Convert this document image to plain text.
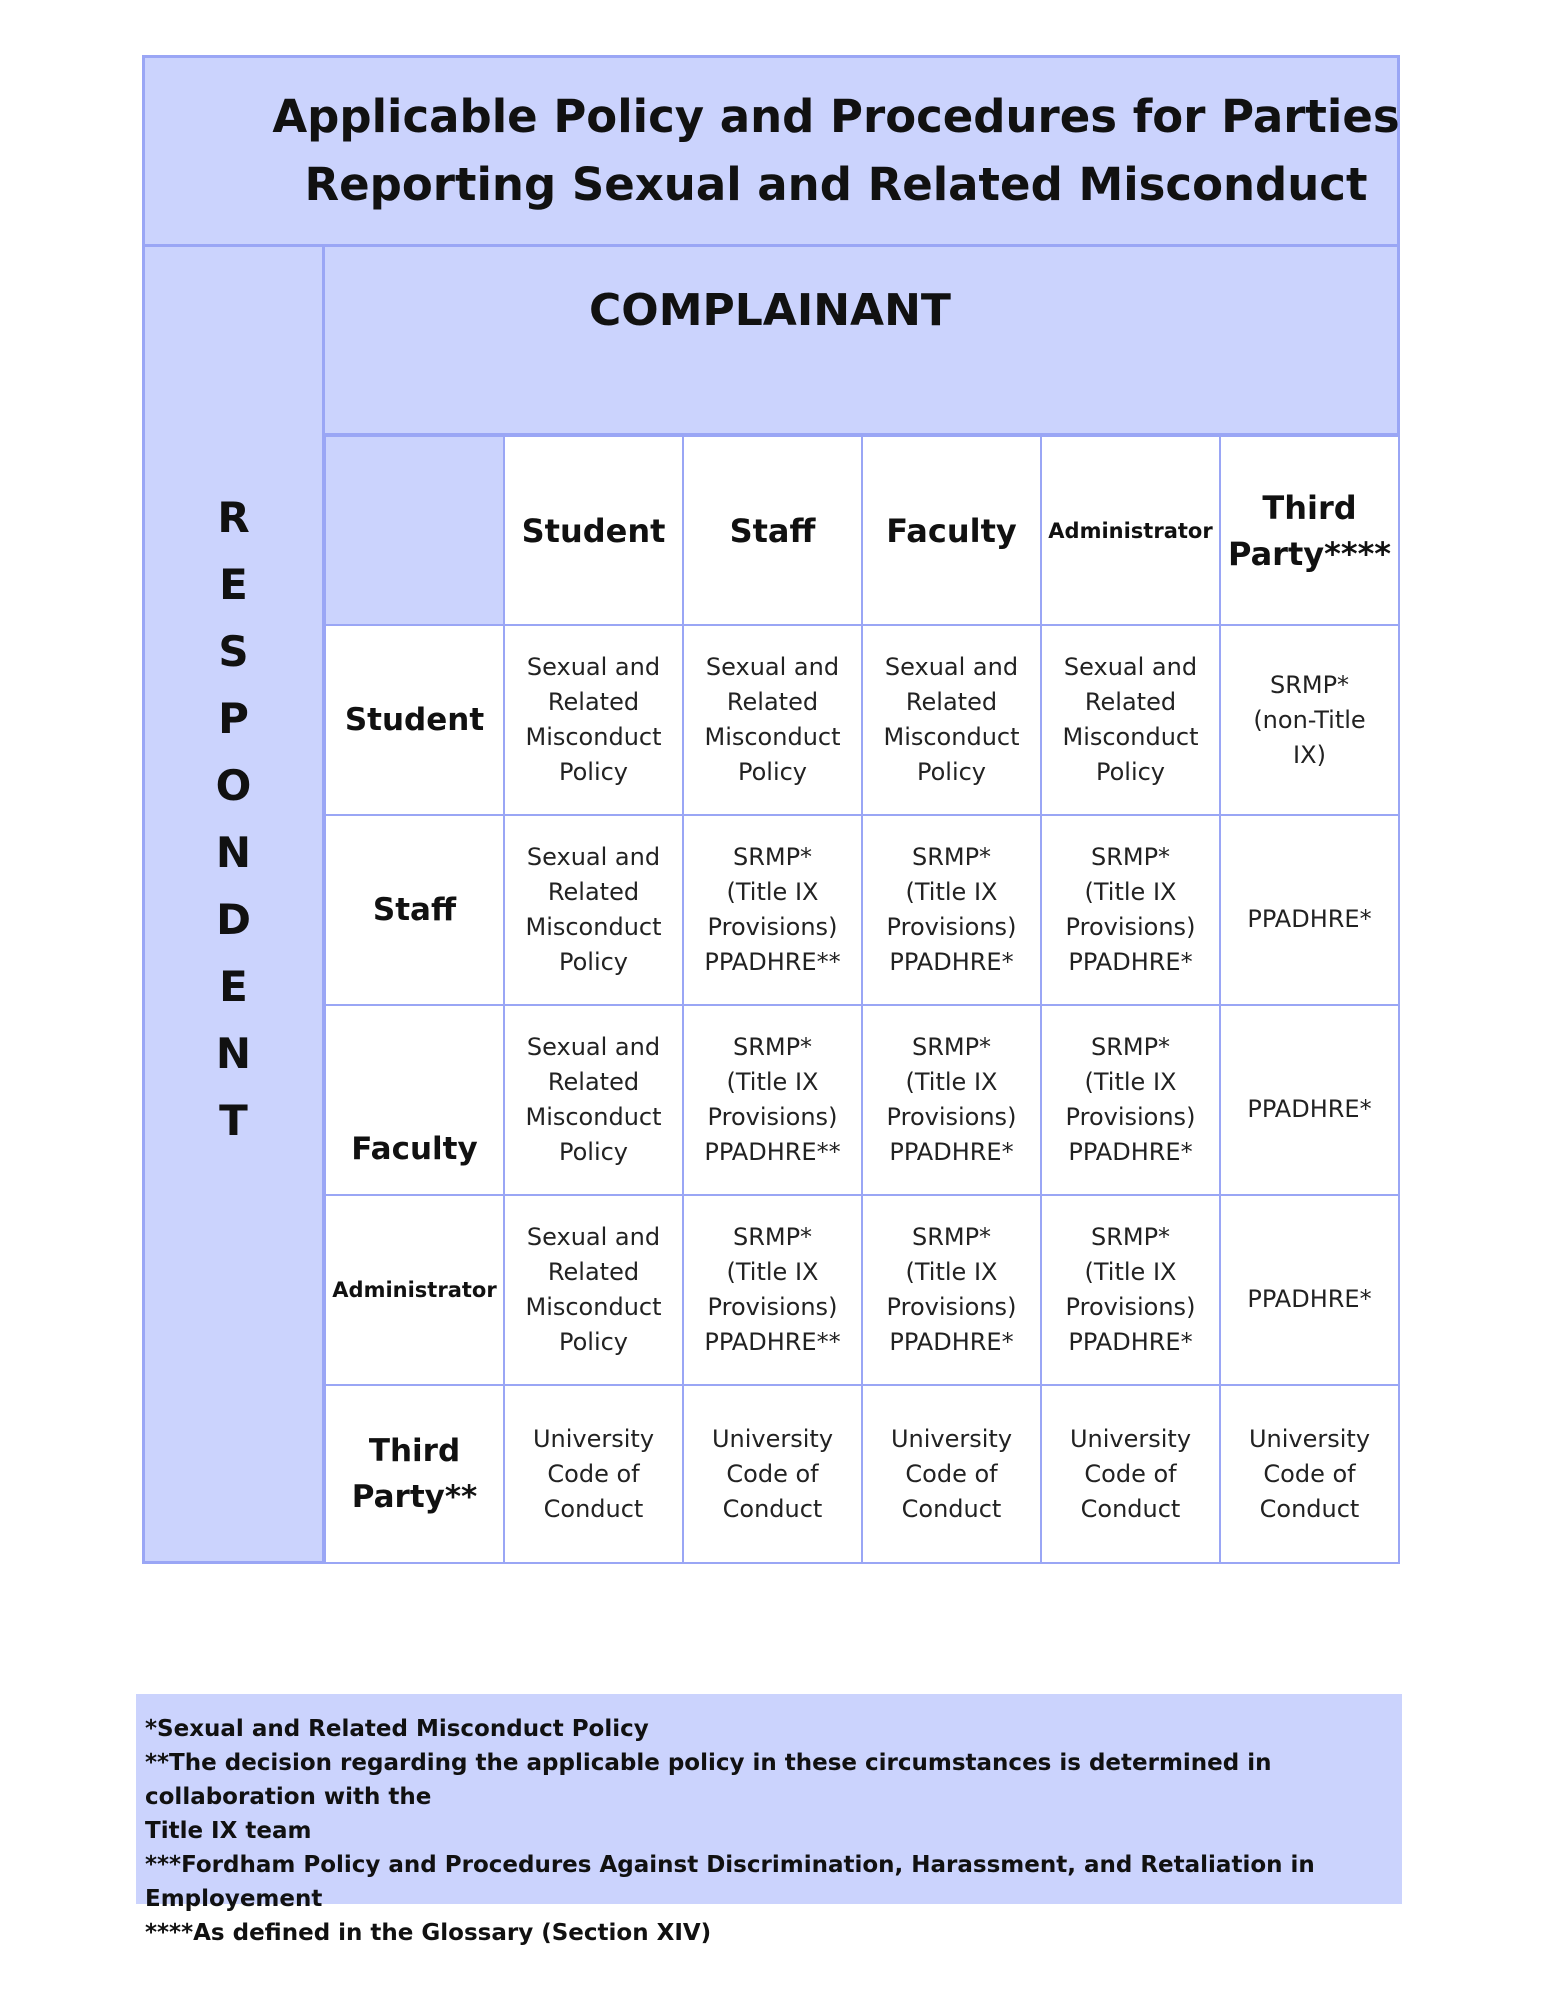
Applicable Policy and Procedures for Parties
Reporting Sexual and Related Misconduct
R
E
S
P
O
N
D
E
N
T
COMPLAINANT
Student Staff Faculty Administrator
Third
Party****
Student
Sexual and
Related
Misconduct
Policy
Sexual and
Related
Misconduct
Policy
Sexual and
Related
Misconduct
Policy
Sexual and
Related
Misconduct
Policy
SRMP*
(non-Title
IX)
Staff
Sexual and
Related
Misconduct
Policy
SRMP*
(Title IX
Provisions)
PPADHRE**
SRMP*
(Title IX
Provisions)
PPADHRE*
SRMP*
(Title IX
Provisions)
PPADHRE*
PPADHRE*
Faculty
Sexual and
Related
Misconduct
Policy
SRMP*
(Title IX
Provisions)
PPADHRE**
SRMP*
(Title IX
Provisions)
PPADHRE*
SRMP*
(Title IX
Provisions)
PPADHRE*
PPADHRE*
Administrator
Sexual and
Related
Misconduct
Policy
SRMP*
(Title IX
Provisions)
PPADHRE**
SRMP*
(Title IX
Provisions)
PPADHRE*
SRMP*
(Title IX
Provisions)
PPADHRE*
PPADHRE*
Third
Party**
University
Code of
Conduct
University
Code of
Conduct
University
Code of
Conduct
University
Code of
Conduct
University
Code of
Conduct
*Sexual and Related Misconduct Policy
**The decision regarding the applicable policy in these circumstances is determined in collaboration with the
Title IX team
***Fordham Policy and Procedures Against Discrimination, Harassment, and Retaliation in Employement
****As defined in the Glossary (Section XIV)
